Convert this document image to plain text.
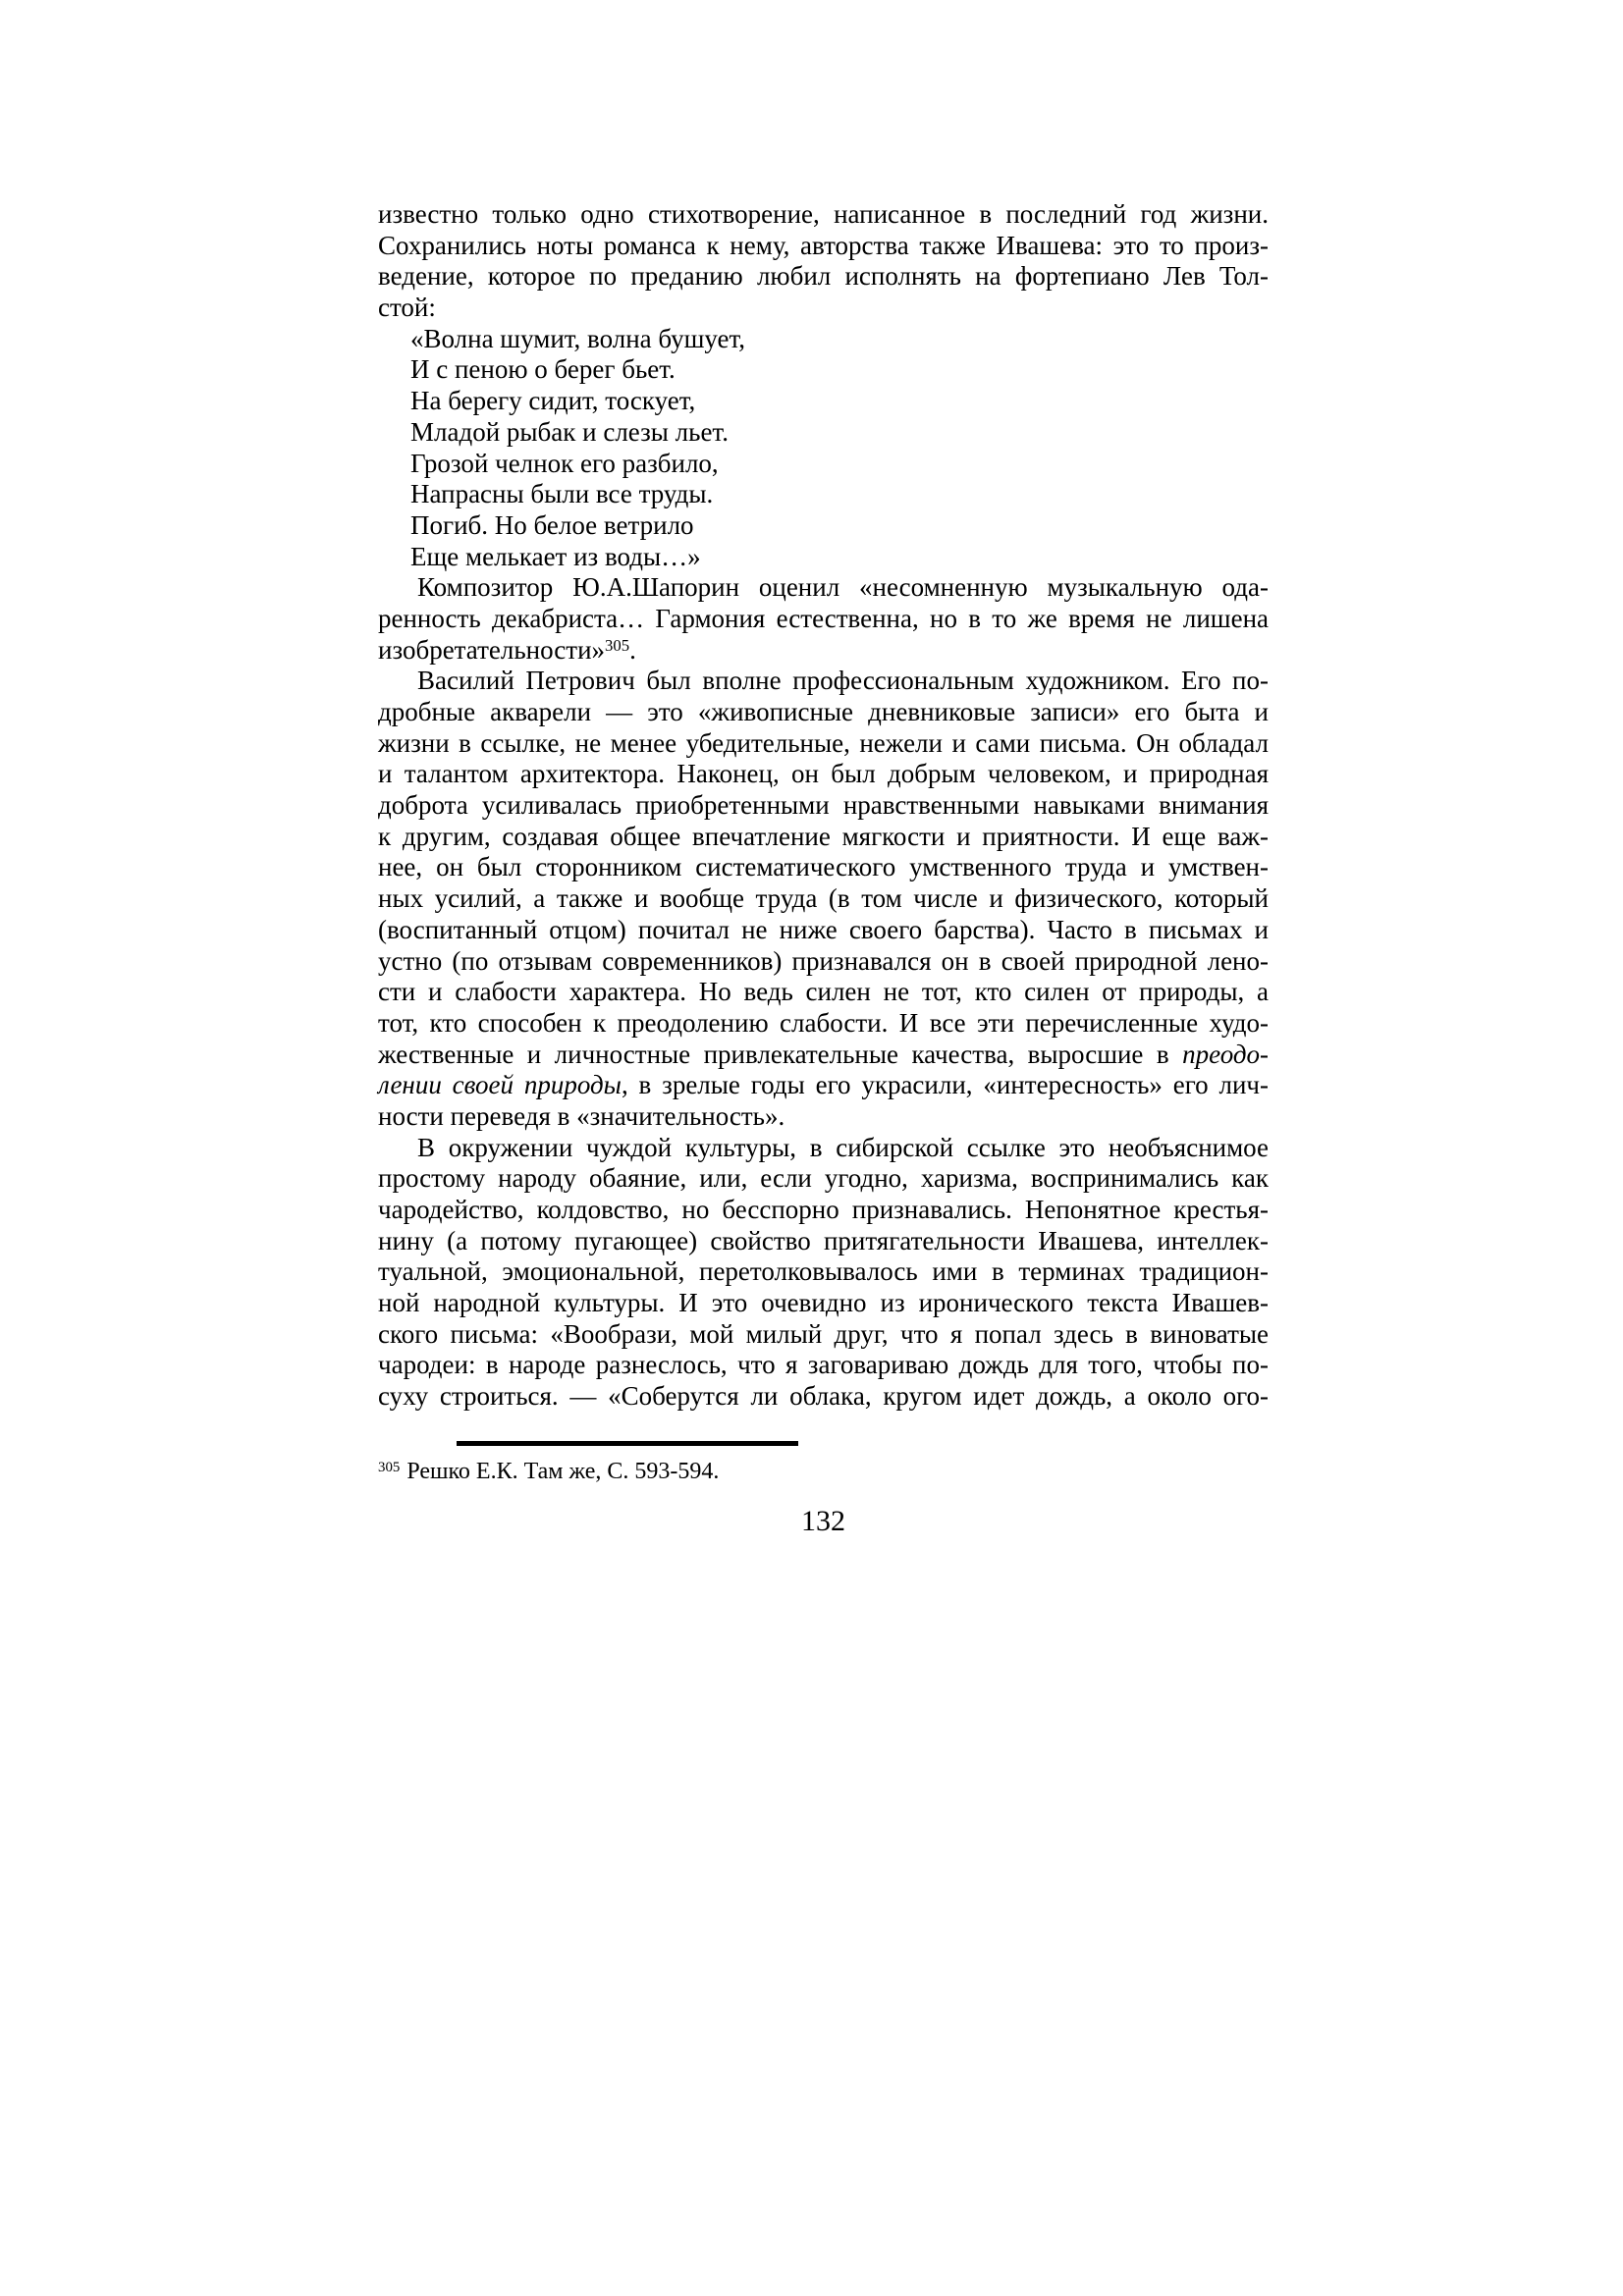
известно только одно стихотворение, написанное в последний год жизни.
Сохранились ноты романса к нему, авторства также Ивашева: это то произ-
ведение, которое по преданию любил исполнять на фортепиано Лев Тол-
стой:
«Волна шумит, волна бушует,
И с пеною о берег бьет.
На берегу сидит, тоскует,
Младой рыбак и слезы льет.
Грозой челнок его разбило,
Напрасны были все труды.
Погиб. Но белое ветрило
Еще мелькает из воды…»
Композитор Ю.А.Шапорин оценил «несомненную музыкальную ода-
ренность декабриста… Гармония естественна, но в то же время не лишена
изобретательности»$^{305}$.
Василий Петрович был вполне профессиональным художником. Его по-
дробные акварели — это «живописные дневниковые записи» его быта и
жизни в ссылке, не менее убедительные, нежели и сами письма. Он обладал
и талантом архитектора. Наконец, он был добрым человеком, и природная
доброта усиливалась приобретенными нравственными навыками внимания
к другим, создавая общее впечатление мягкости и приятности. И еще важ-
нее, он был сторонником систематического умственного труда и умствен-
ных усилий, а также и вообще труда (в том числе и физического, который
(воспитанный отцом) почитал не ниже своего барства). Часто в письмах и
устно (по отзывам современников) признавался он в своей природной лено-
сти и слабости характера. Но ведь силен не тот, кто силен от природы, а
тот, кто способен к преодолению слабости. И все эти перечисленные худо-
жественные и личностные привлекательные качества, выросшие в преодо-
лении своей природы, в зрелые годы его украсили, «интересность» его лич-
ности переведя в «значительность».
В окружении чуждой культуры, в сибирской ссылке это необъяснимое
простому народу обаяние, или, если угодно, харизма, воспринимались как
чародейство, колдовство, но бесспорно признавались. Непонятное крестья-
нину (а потому пугающее) свойство притягательности Ивашева, интеллек-
туальной, эмоциональной, перетолковывалось ими в терминах традицион-
ной народной культуры. И это очевидно из иронического текста Ивашев-
ского письма: «Вообрази, мой милый друг, что я попал здесь в виноватые
чародеи: в народе разнеслось, что я заговариваю дождь для того, чтобы по-
суху строиться. — «Соберутся ли облака, кругом идет дождь, а около ого-
$^{305}$ Решко Е.К. Там же, С. 593-594.
132
